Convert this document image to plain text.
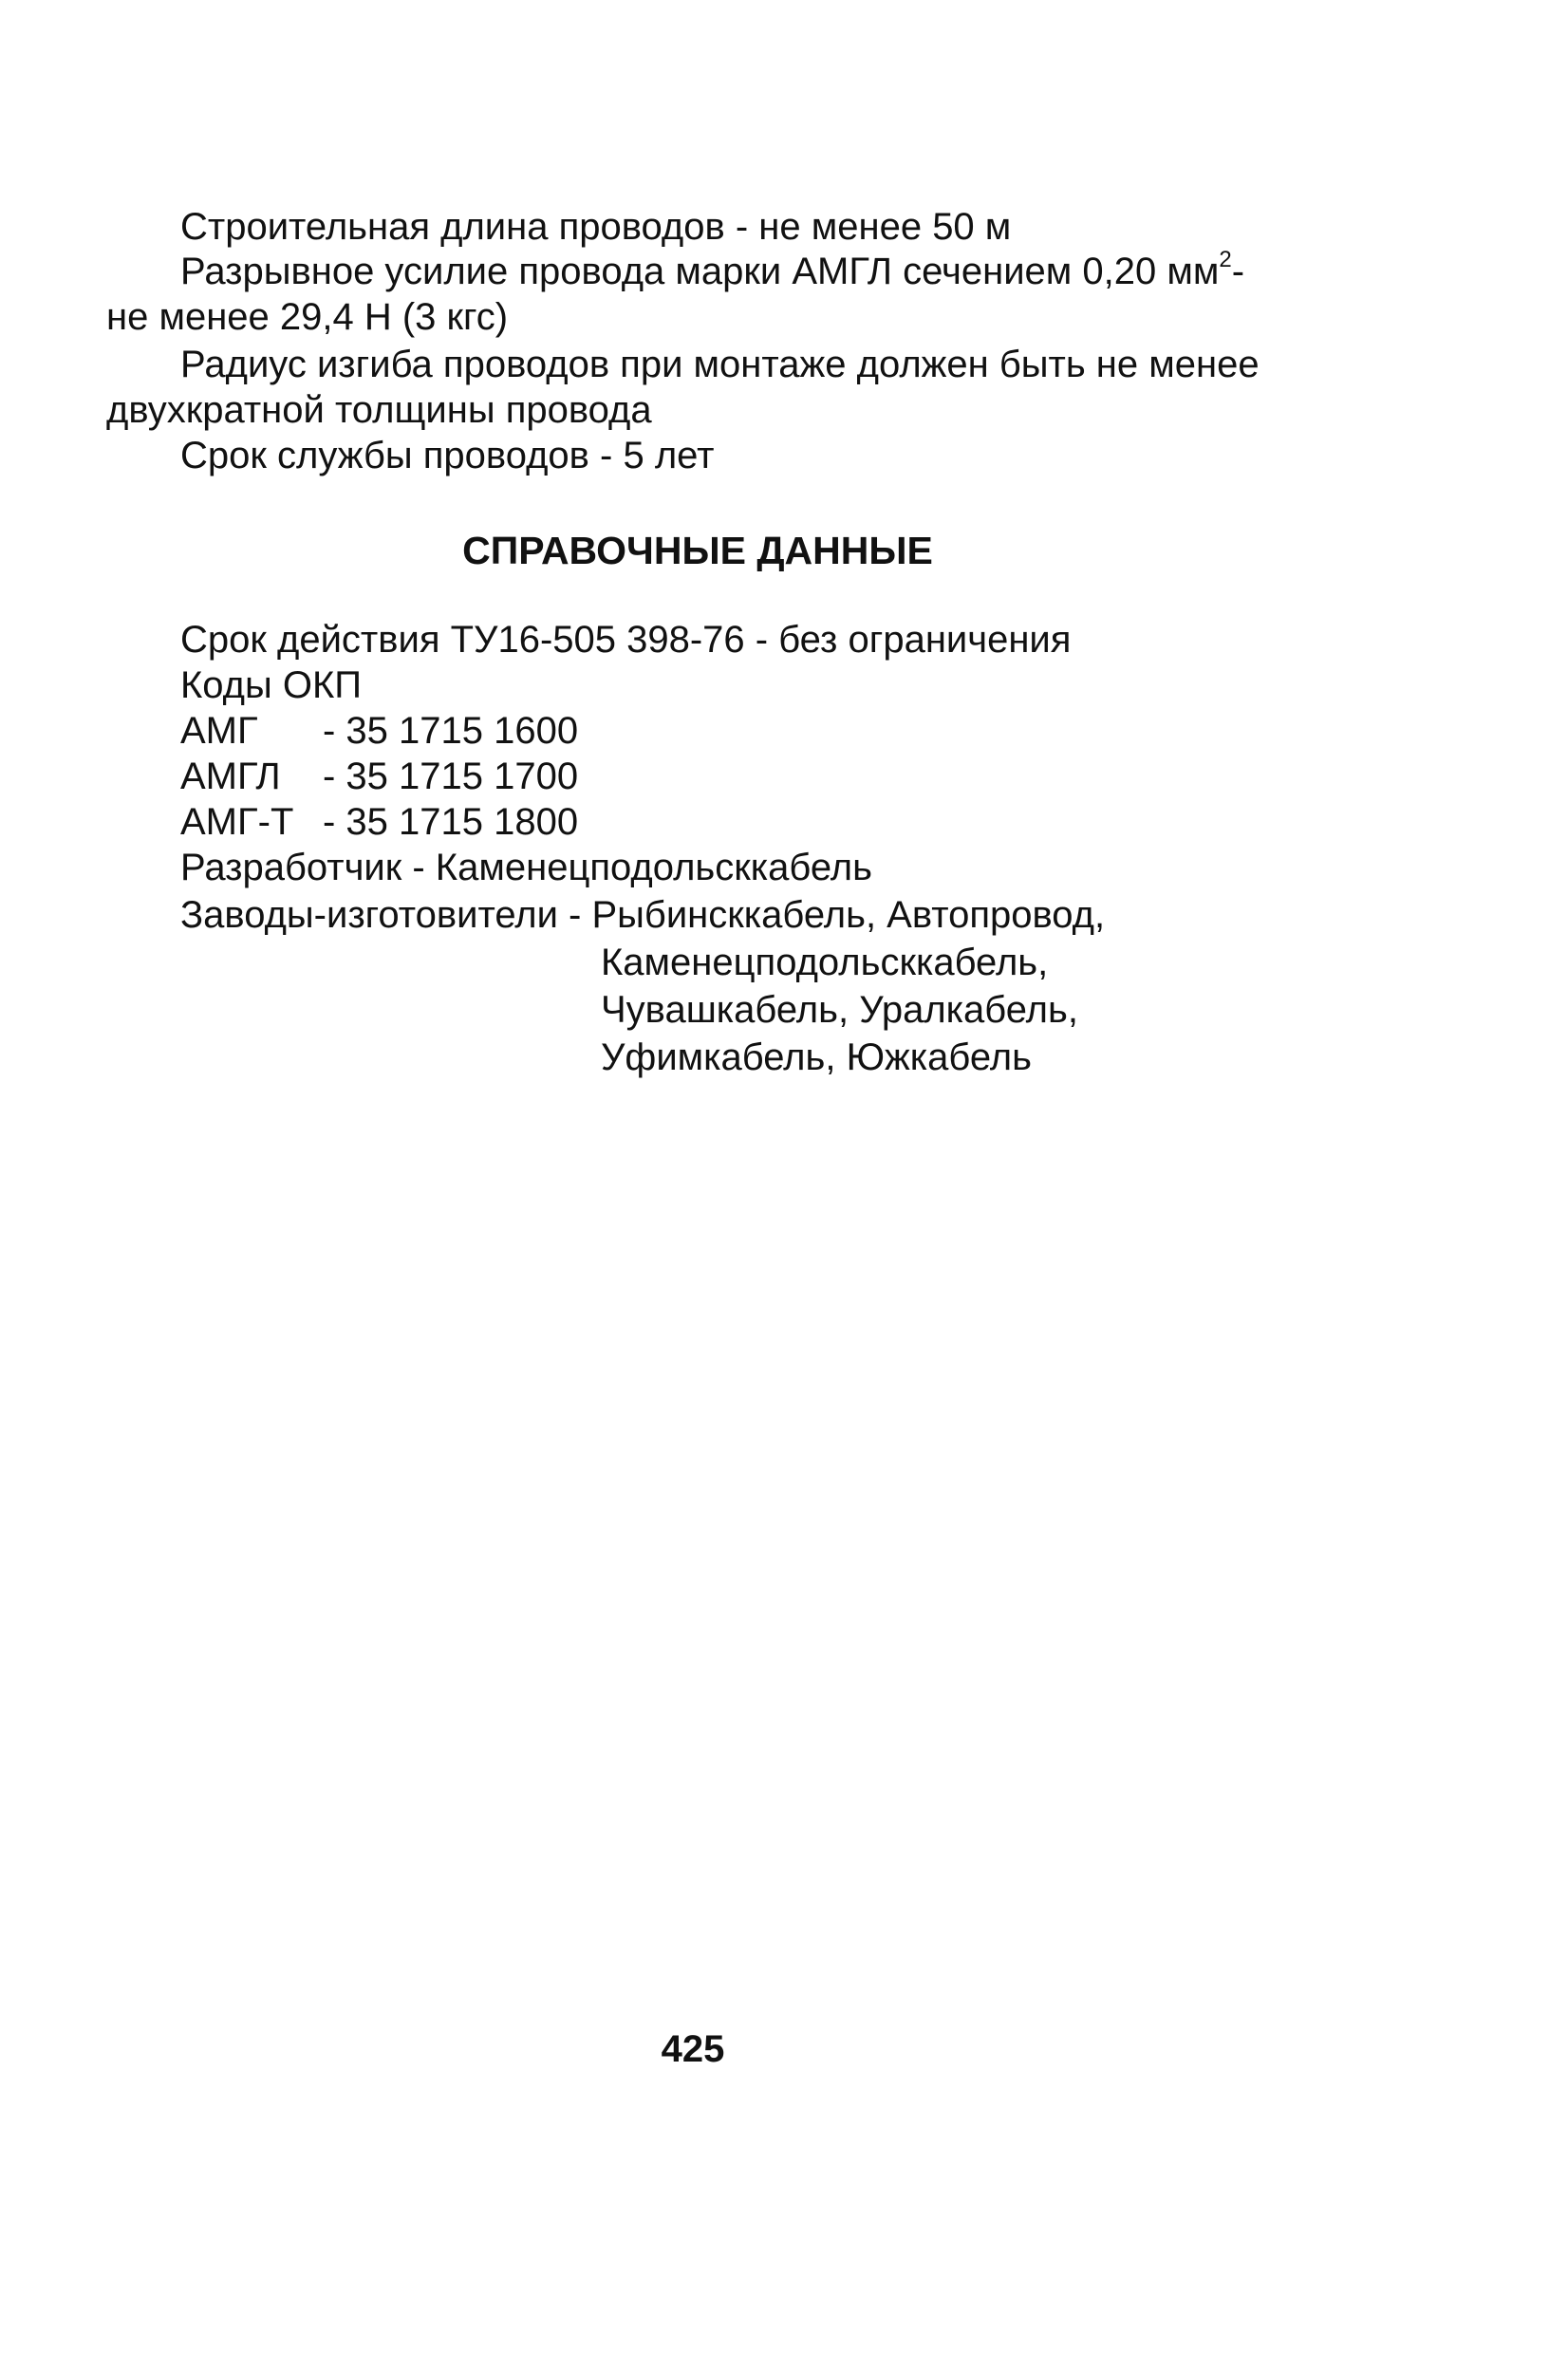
Строительная длина проводов - не менее 50 м
Разрывное усилие провода марки АМГЛ сечением 0,20 $мм^2-$
не менее 29,4 Н (3 кгс)
Радиус изгиба проводов при монтаже должен быть не менее
двухкратной толщины провода
Срок службы проводов - 5 лет
СПРАВОЧНЫЕ ДАННЫЕ
Срок действия ТУ16-505 398-76 - без ограничения
Коды ОКП
АМГ - 35 1715 1600
АМГЛ - 35 1715 1700
АМГ-Т - 35 1715 1800
Разработчик - Каменецподольсккабель
Заводы-изготовители - Рыбинсккабель, Автопровод,
Каменецподольсккабель,
Чувашкабель, Уралкабель,
Уфимкабель, Южкабель
425
